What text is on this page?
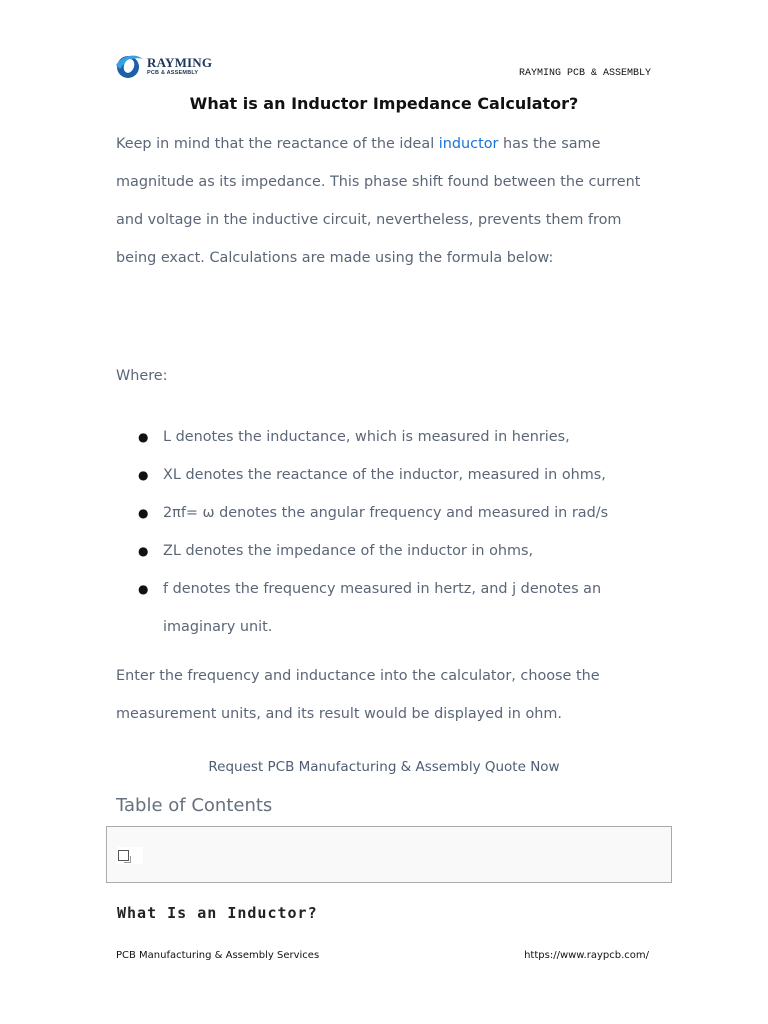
RAYMING
PCB & ASSEMBLY	RAYMING PCB & ASSEMBLY
What is an Inductor Impedance Calculator?

Keep in mind that the reactance of the ideal inductor has the same magnitude as its impedance. This phase shift found between the current and voltage in the inductive circuit, nevertheless, prevents them from being exact. Calculations are made using the formula below:

Where:

● L denotes the inductance, which is measured in henries,
● XL denotes the reactance of the inductor, measured in ohms,
● 2πf= ω denotes the angular frequency and measured in rad/s
● ZL denotes the impedance of the inductor in ohms,
● f denotes the frequency measured in hertz, and j denotes an imaginary unit.

Enter the frequency and inductance into the calculator, choose the measurement units, and its result would be displayed in ohm.

Request PCB Manufacturing & Assembly Quote Now
Table of Contents
What Is an Inductor?
PCB Manufacturing & Assembly Services	https://www.raypcb.com/
